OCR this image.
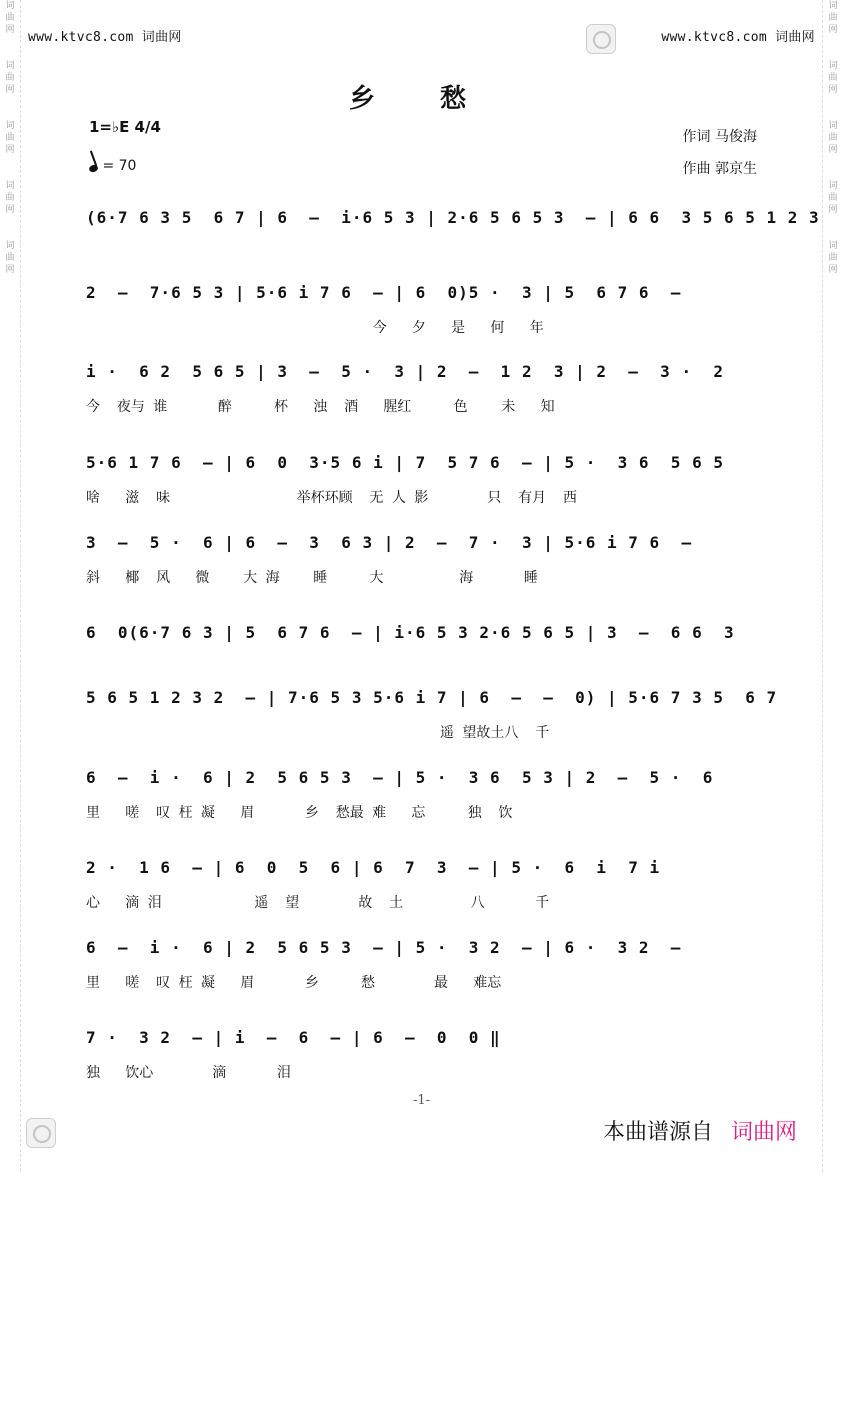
词
曲
网
词
曲
网
词
曲
网
词
曲
网
词
曲
网
词
曲
网
词
曲
网
词
曲
网
词
曲
网
词
曲
网
www.ktvc8.com 词曲网	www.ktvc8.com 词曲网
乡 愁
1=♭E 4/4
= 70
作词 马俊海
作曲 郭京生
(6·7 6 3 5  6 7 | 6  –  i·6 5 3 | 2·6 5 6 5 3  – | 6 6  3 5 6 5 1 2 3
2  –  7·6 5 3 | 5·6 i 7 6  – | 6  0)5 ·  3 | 5  6 7 6  –
今   夕   是   何   年
i ·  6 2  5 6 5 | 3  –  5 ·  3 | 2  –  1 2  3 | 2  –  3 ·  2
今  夜与 谁      醉     杯   浊  酒   腥红     色    未   知
5·6 1 7 6  – | 6  0  3·5 6 i | 7  5 7 6  – | 5 ·  3 6  5 6 5
啥   滋  味               举杯环顾  无 人 影       只  有月  西
3  –  5 ·  6 | 6  –  3  6 3 | 2  –  7 ·  3 | 5·6 i 7 6  –
斜   椰  风   微    大 海    睡     大         海      睡
6  0(6·7 6 3 | 5  6 7 6  – | i·6 5 3 2·6 5 6 5 | 3  –  6 6  3
5 6 5 1 2 3 2  – | 7·6 5 3 5·6 i 7 | 6  –  –  0) | 5·6 7 3 5  6 7
遥 望故土八  千
6  –  i ·  6 | 2  5 6 5 3  – | 5 ·  3 6  5 3 | 2  –  5 ·  6
里   嗟  叹 枉 凝   眉      乡  愁最 难   忘     独  饮
2 ·  1 6  – | 6  0  5  6 | 6  7  3  – | 5 ·  6  i  7 i
心   滴 泪           遥  望       故  土        八      千
6  –  i ·  6 | 2  5 6 5 3  – | 5 ·  3 2  – | 6 ·  3 2  –
里   嗟  叹 枉 凝   眉      乡     愁       最   难忘
7 ·  3 2  – | i  –  6  – | 6  –  0  0 ‖
独   饮心       滴      泪
-1-
本曲谱源自 词曲网
